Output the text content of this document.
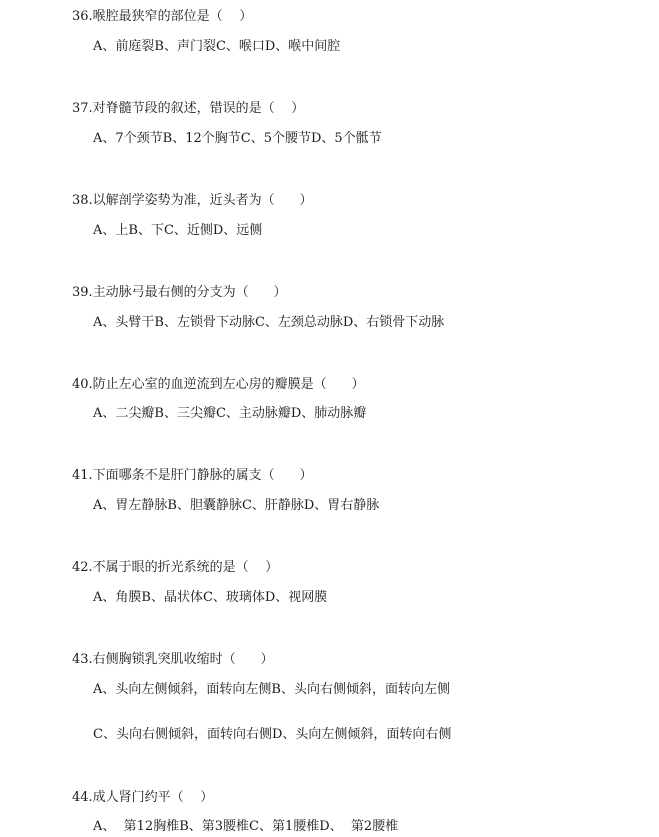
36.喉腔最狭窄的部位是（    ）
A、前庭裂B、声门裂C、喉口D、喉中间腔
37.对脊髓节段的叙述，错误的是（    ）
A、7个颈节B、12个胸节C、5个腰节D、5个骶节
38.以解剖学姿势为准，近头者为（      ）
A、上B、下C、近侧D、远侧
39.主动脉弓最右侧的分支为（      ）
A、头臂干B、左锁骨下动脉C、左颈总动脉D、右锁骨下动脉
40.防止左心室的血逆流到左心房的瓣膜是（      ）
A、二尖瓣B、三尖瓣C、主动脉瓣D、肺动脉瓣
41.下面哪条不是肝门静脉的属支（      ）
A、胃左静脉B、胆囊静脉C、肝静脉D、胃右静脉
42.不属于眼的折光系统的是（    ）
A、角膜B、晶状体C、玻璃体D、视网膜
43.右侧胸锁乳突肌收缩时（      ）
A、头向左侧倾斜，面转向左侧B、头向右侧倾斜，面转向左侧
C、头向右侧倾斜，面转向右侧D、头向左侧倾斜，面转向右侧
44.成人肾门约平（    ）
A、  第12胸椎B、第3腰椎C、第1腰椎D、  第2腰椎
